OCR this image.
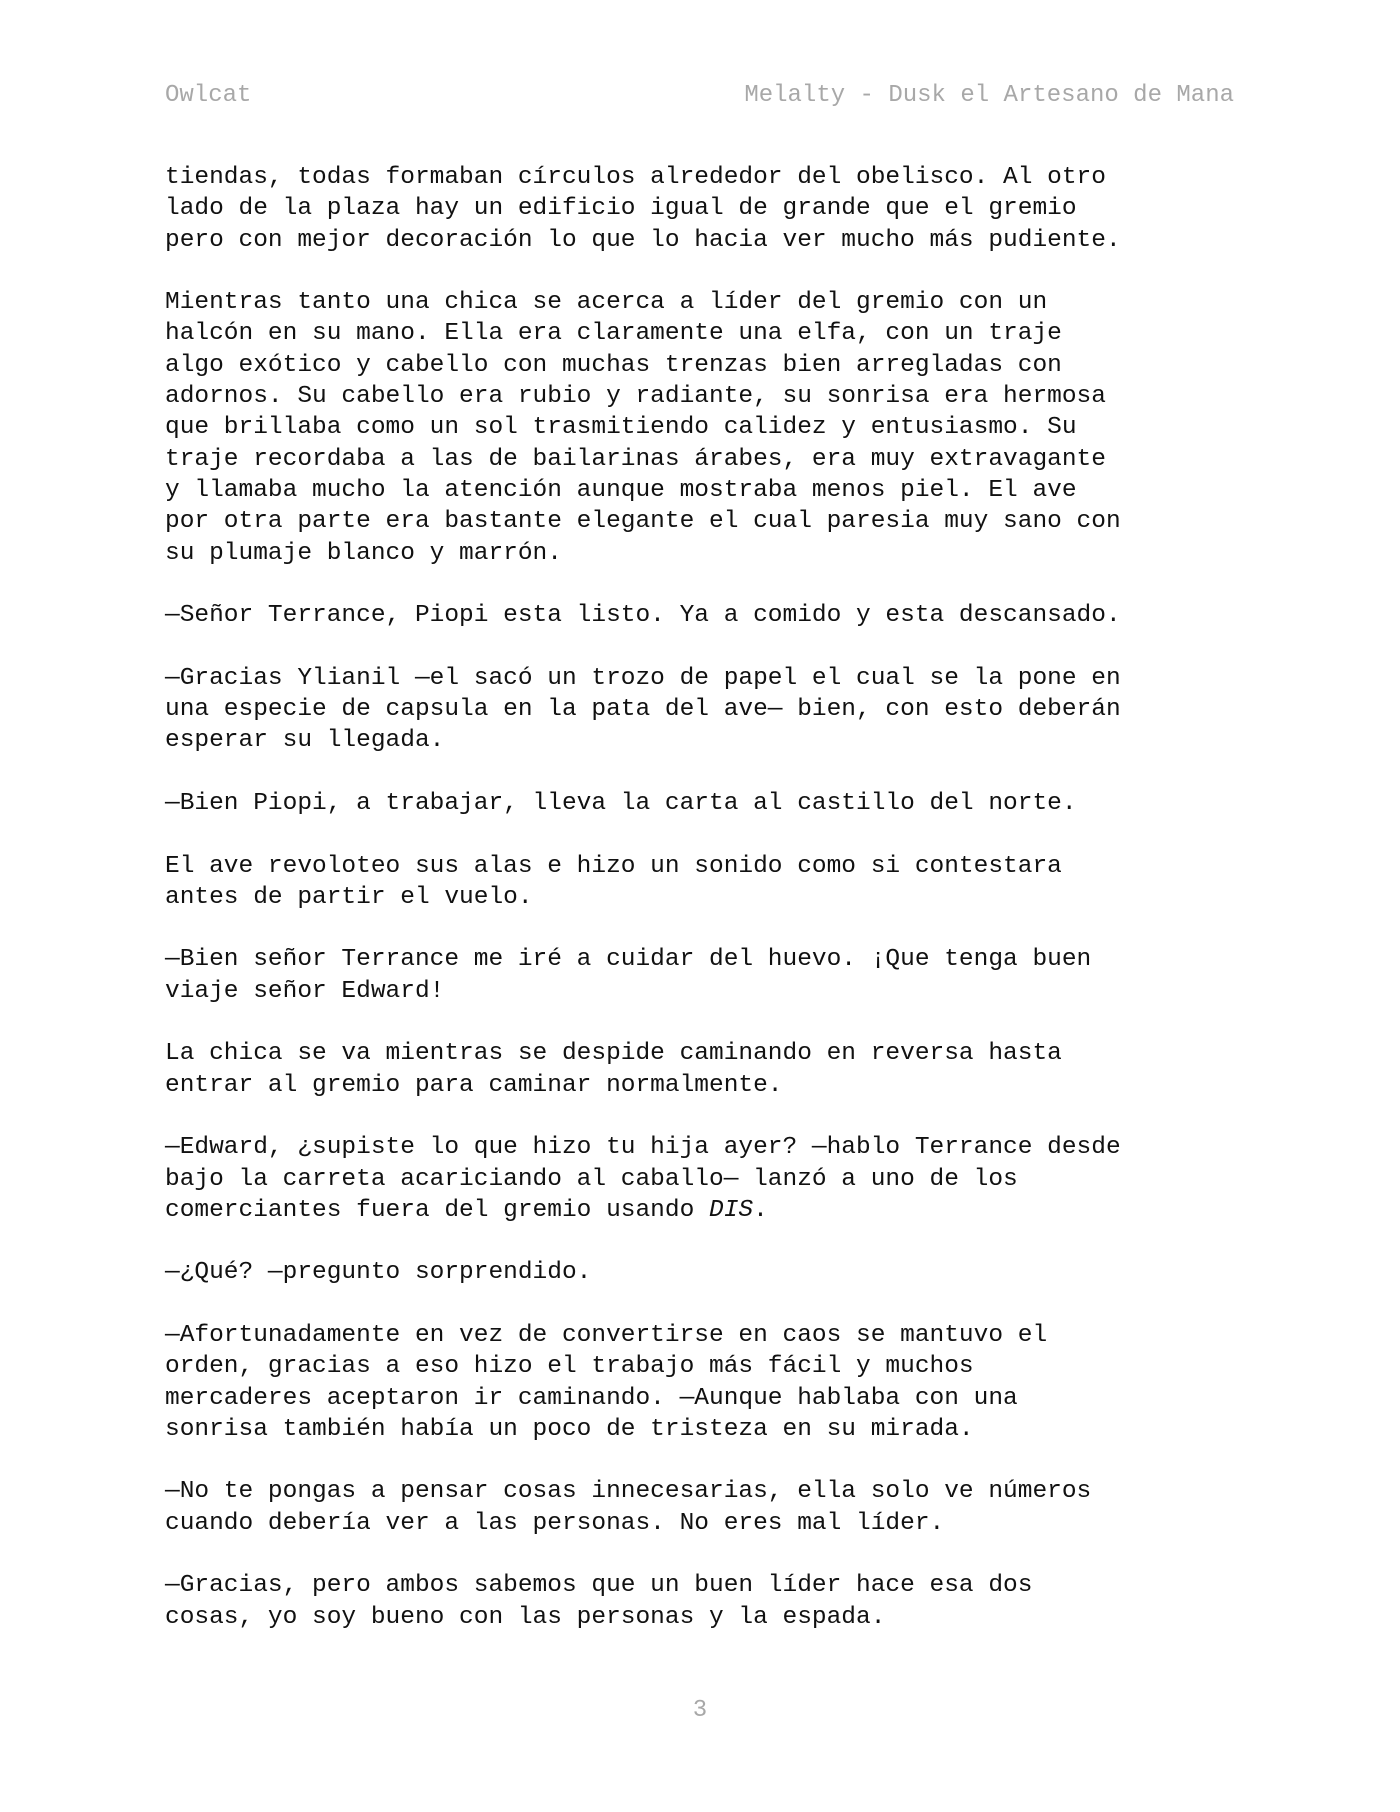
Owlcat	Melalty - Dusk el Artesano de Mana

tiendas, todas formaban círculos alrededor del obelisco. Al otro
lado de la plaza hay un edificio igual de grande que el gremio
pero con mejor decoración lo que lo hacia ver mucho más pudiente.

Mientras tanto una chica se acerca a líder del gremio con un
halcón en su mano. Ella era claramente una elfa, con un traje
algo exótico y cabello con muchas trenzas bien arregladas con
adornos. Su cabello era rubio y radiante, su sonrisa era hermosa
que brillaba como un sol trasmitiendo calidez y entusiasmo. Su
traje recordaba a las de bailarinas árabes, era muy extravagante
y llamaba mucho la atención aunque mostraba menos piel. El ave
por otra parte era bastante elegante el cual paresia muy sano con
su plumaje blanco y marrón.

—Señor Terrance, Piopi esta listo. Ya a comido y esta descansado.

—Gracias Ylianil —el sacó un trozo de papel el cual se la pone en
una especie de capsula en la pata del ave— bien, con esto deberán
esperar su llegada.

—Bien Piopi, a trabajar, lleva la carta al castillo del norte.

El ave revoloteo sus alas e hizo un sonido como si contestara
antes de partir el vuelo.

—Bien señor Terrance me iré a cuidar del huevo. ¡Que tenga buen
viaje señor Edward!

La chica se va mientras se despide caminando en reversa hasta
entrar al gremio para caminar normalmente.

—Edward, ¿supiste lo que hizo tu hija ayer? —hablo Terrance desde
bajo la carreta acariciando al caballo— lanzó a uno de los
comerciantes fuera del gremio usando DIS.

—¿Qué? —pregunto sorprendido.

—Afortunadamente en vez de convertirse en caos se mantuvo el
orden, gracias a eso hizo el trabajo más fácil y muchos
mercaderes aceptaron ir caminando. —Aunque hablaba con una
sonrisa también había un poco de tristeza en su mirada.

—No te pongas a pensar cosas innecesarias, ella solo ve números
cuando debería ver a las personas. No eres mal líder.

—Gracias, pero ambos sabemos que un buen líder hace esa dos
cosas, yo soy bueno con las personas y la espada.

3
